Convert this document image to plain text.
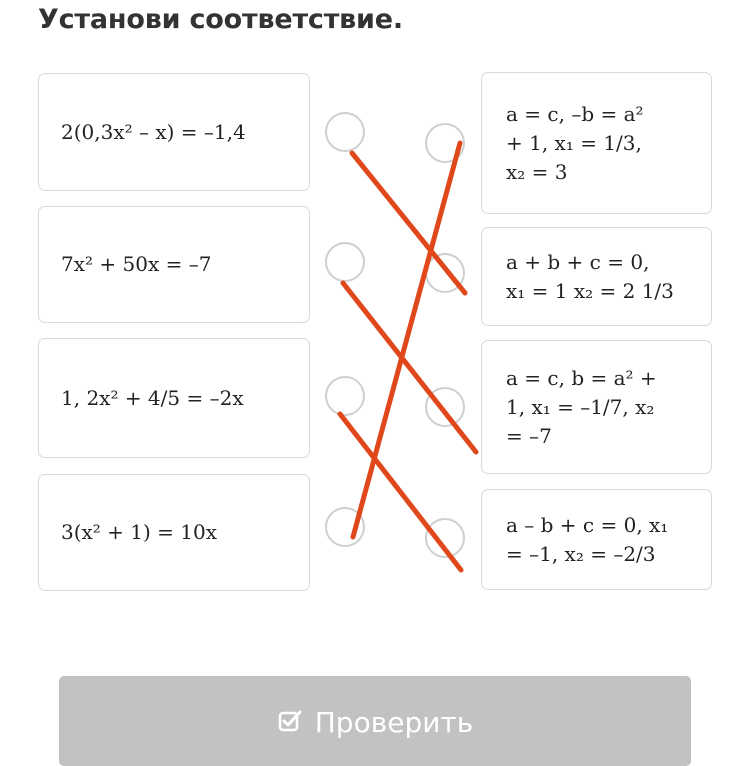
Установи соответствие.
2(0,3x² – x) = –1,4
7x² + 50x = –7
1, 2x² + 4/5 = –2x
3(x² + 1) = 10x
a = c, –b = a²
+ 1, x₁ = 1/3,
x₂ = 3
a + b + c = 0,
x₁ = 1 x₂ = 2 1/3
a = c, b = a² +
1, x₁ = –1/7, x₂
= –7
a – b + c = 0, x₁
= –1, x₂ = –2/3
Проверить
